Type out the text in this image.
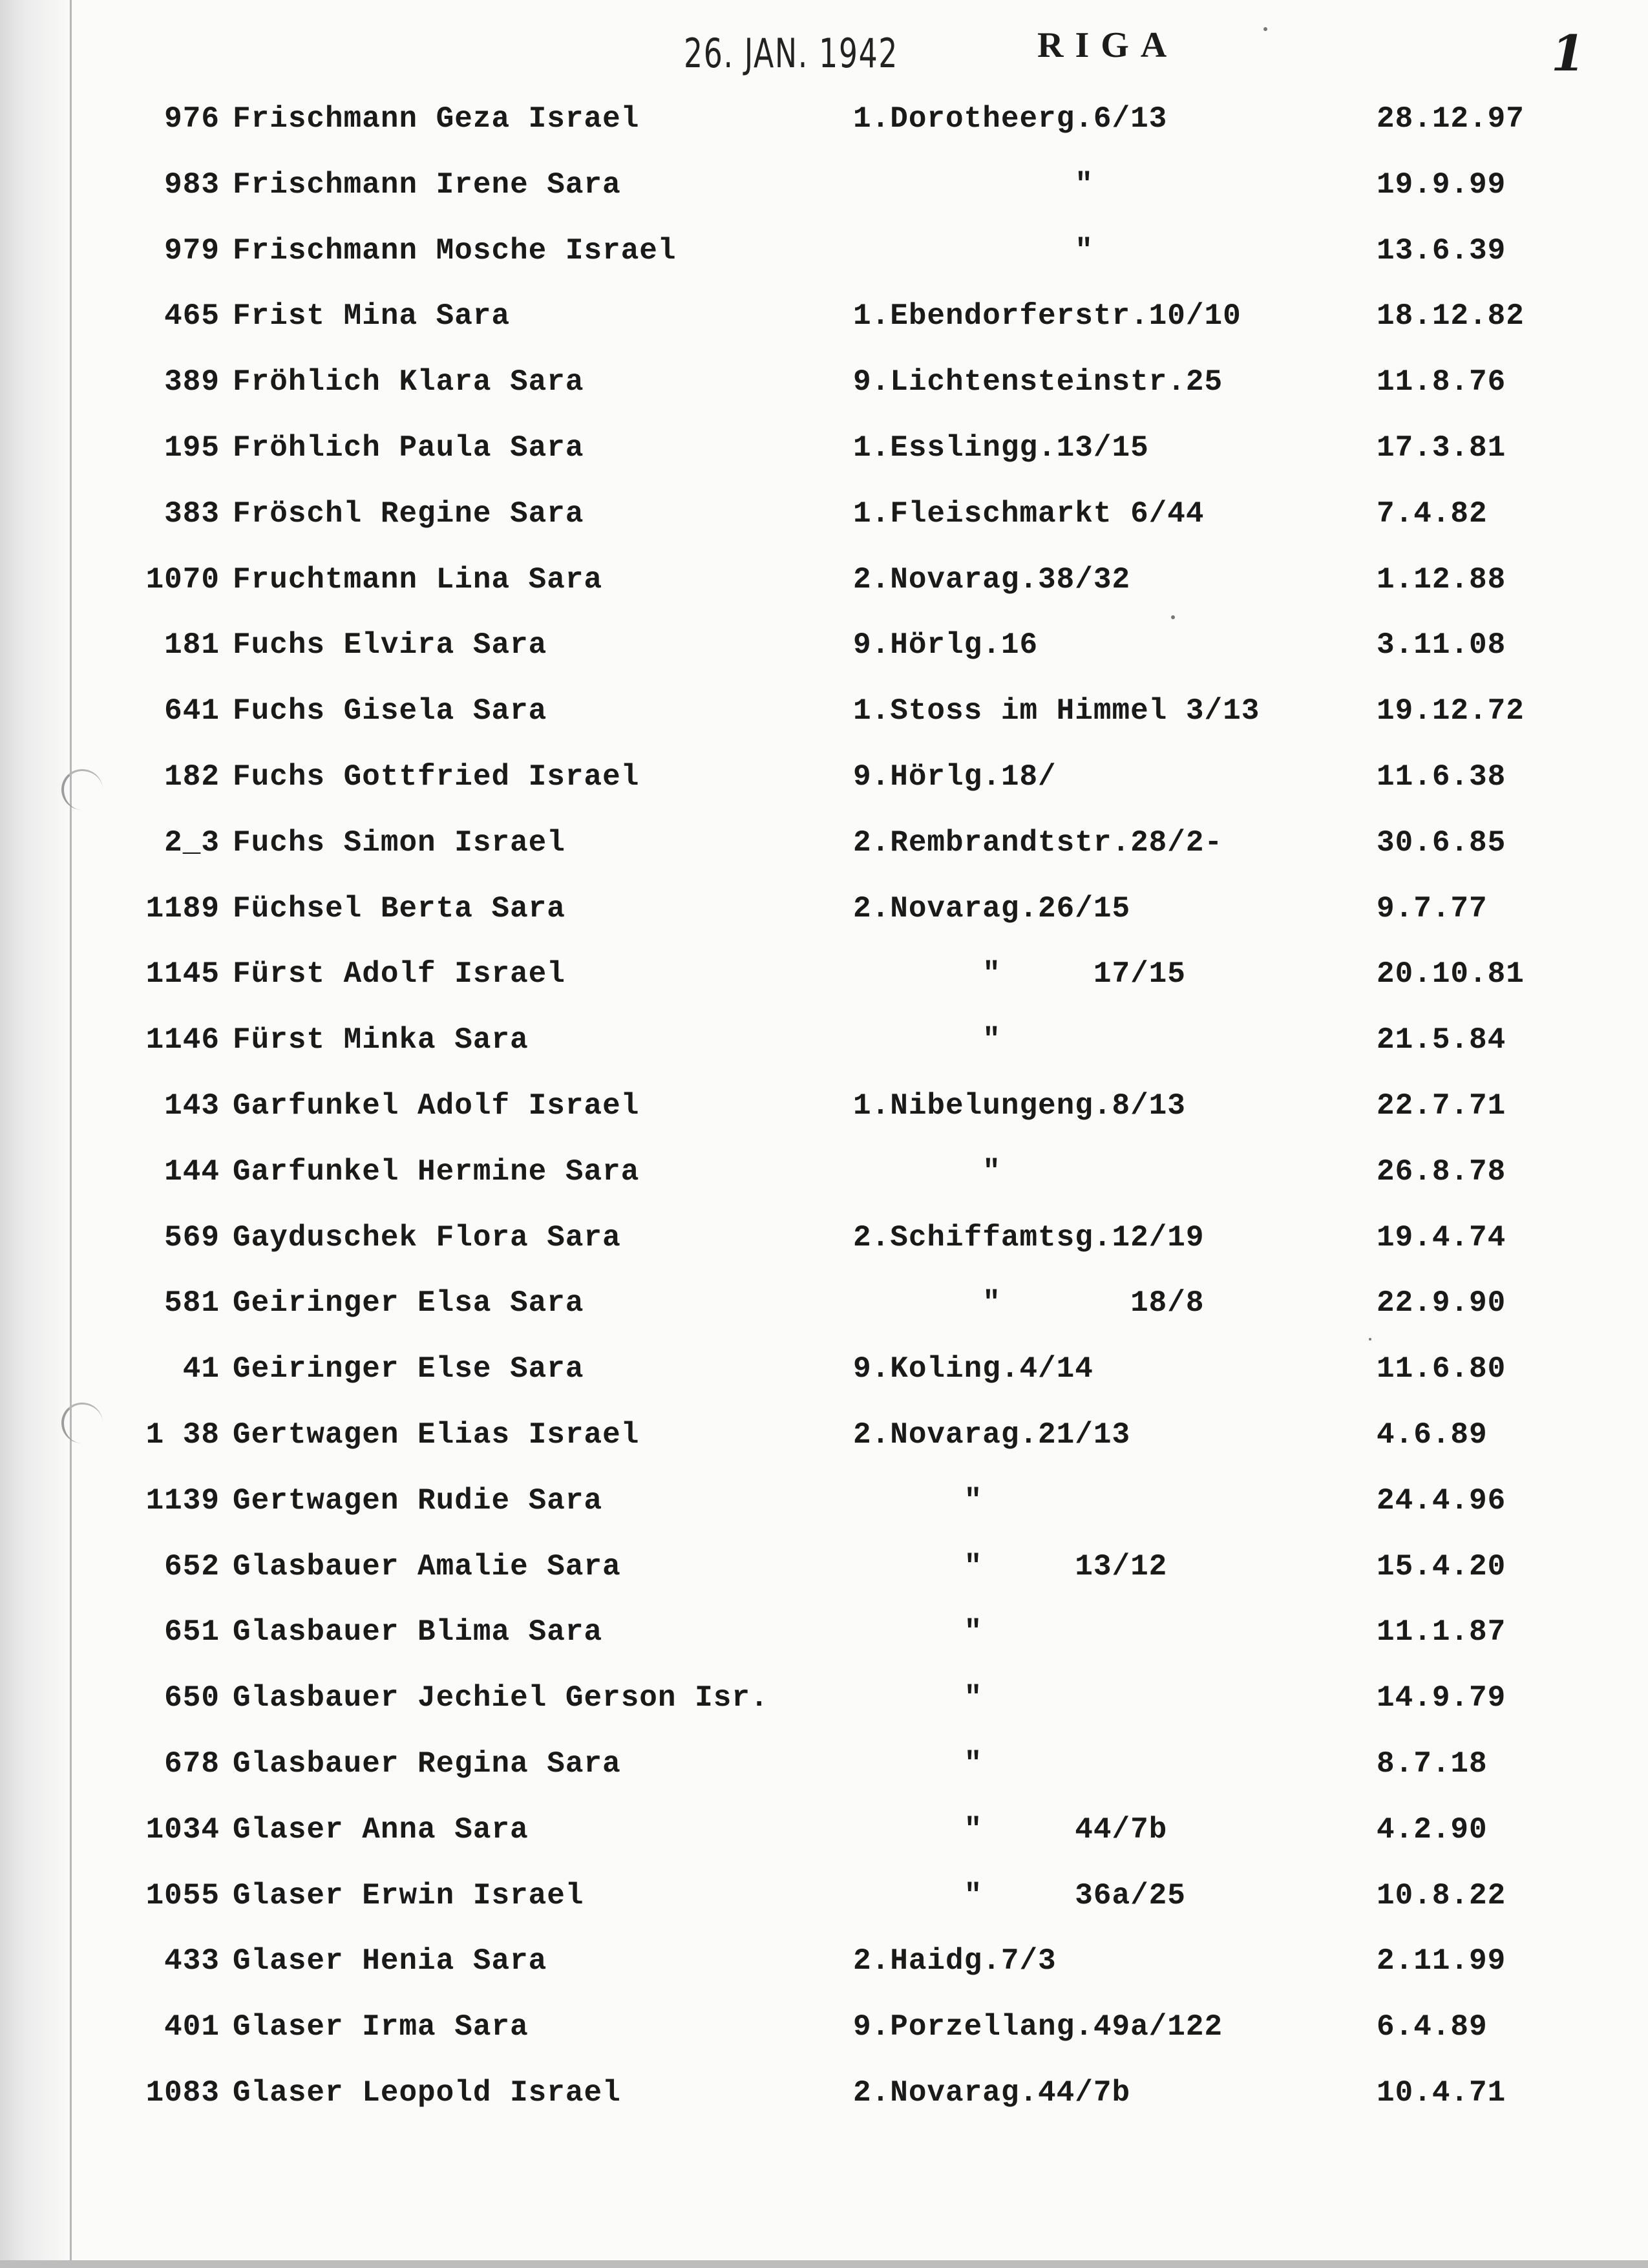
26. JAN. 1942	RIGA	1
976 Frischmann Geza Israel	1.Dorotheerg.6/13	28.12.97
983 Frischmann Irene Sara	"	19.9.99
979 Frischmann Mosche Israel	"	13.6.39
465 Frist Mina Sara	1.Ebendorferstr.10/10	18.12.82
389 Fröhlich Klara Sara	9.Lichtensteinstr.25	11.8.76
195 Fröhlich Paula Sara	1.Esslingg.13/15	17.3.81
383 Fröschl Regine Sara	1.Fleischmarkt 6/44	7.4.82
1070 Fruchtmann Lina Sara	2.Novarag.38/32	1.12.88
181 Fuchs Elvira Sara	9.Hörlg.16	3.11.08
641 Fuchs Gisela Sara	1.Stoss im Himmel 3/13	19.12.72
182 Fuchs Gottfried Israel	9.Hörlg.18/	11.6.38
2_3 Fuchs Simon Israel	2.Rembrandtstr.28/2-	30.6.85
1189 Füchsel Berta Sara	2.Novarag.26/15	9.7.77
1145 Fürst Adolf Israel	"     17/15	20.10.81
1146 Fürst Minka Sara	"	21.5.84
143 Garfunkel Adolf Israel	1.Nibelungeng.8/13	22.7.71
144 Garfunkel Hermine Sara	"	26.8.78
569 Gayduschek Flora Sara	2.Schiffamtsg.12/19	19.4.74
581 Geiringer Elsa Sara	"       18/8	22.9.90
41 Geiringer Else Sara	9.Koling.4/14	11.6.80
1 38 Gertwagen Elias Israel	2.Novarag.21/13	4.6.89
1139 Gertwagen Rudie Sara	"	24.4.96
652 Glasbauer Amalie Sara	"     13/12	15.4.20
651 Glasbauer Blima Sara	"	11.1.87
650 Glasbauer Jechiel Gerson Isr.	"	14.9.79
678 Glasbauer Regina Sara	"	8.7.18
1034 Glaser Anna Sara	"     44/7b	4.2.90
1055 Glaser Erwin Israel	"     36a/25	10.8.22
433 Glaser Henia Sara	2.Haidg.7/3	2.11.99
401 Glaser Irma Sara	9.Porzellang.49a/122	6.4.89
1083 Glaser Leopold Israel	2.Novarag.44/7b	10.4.71
